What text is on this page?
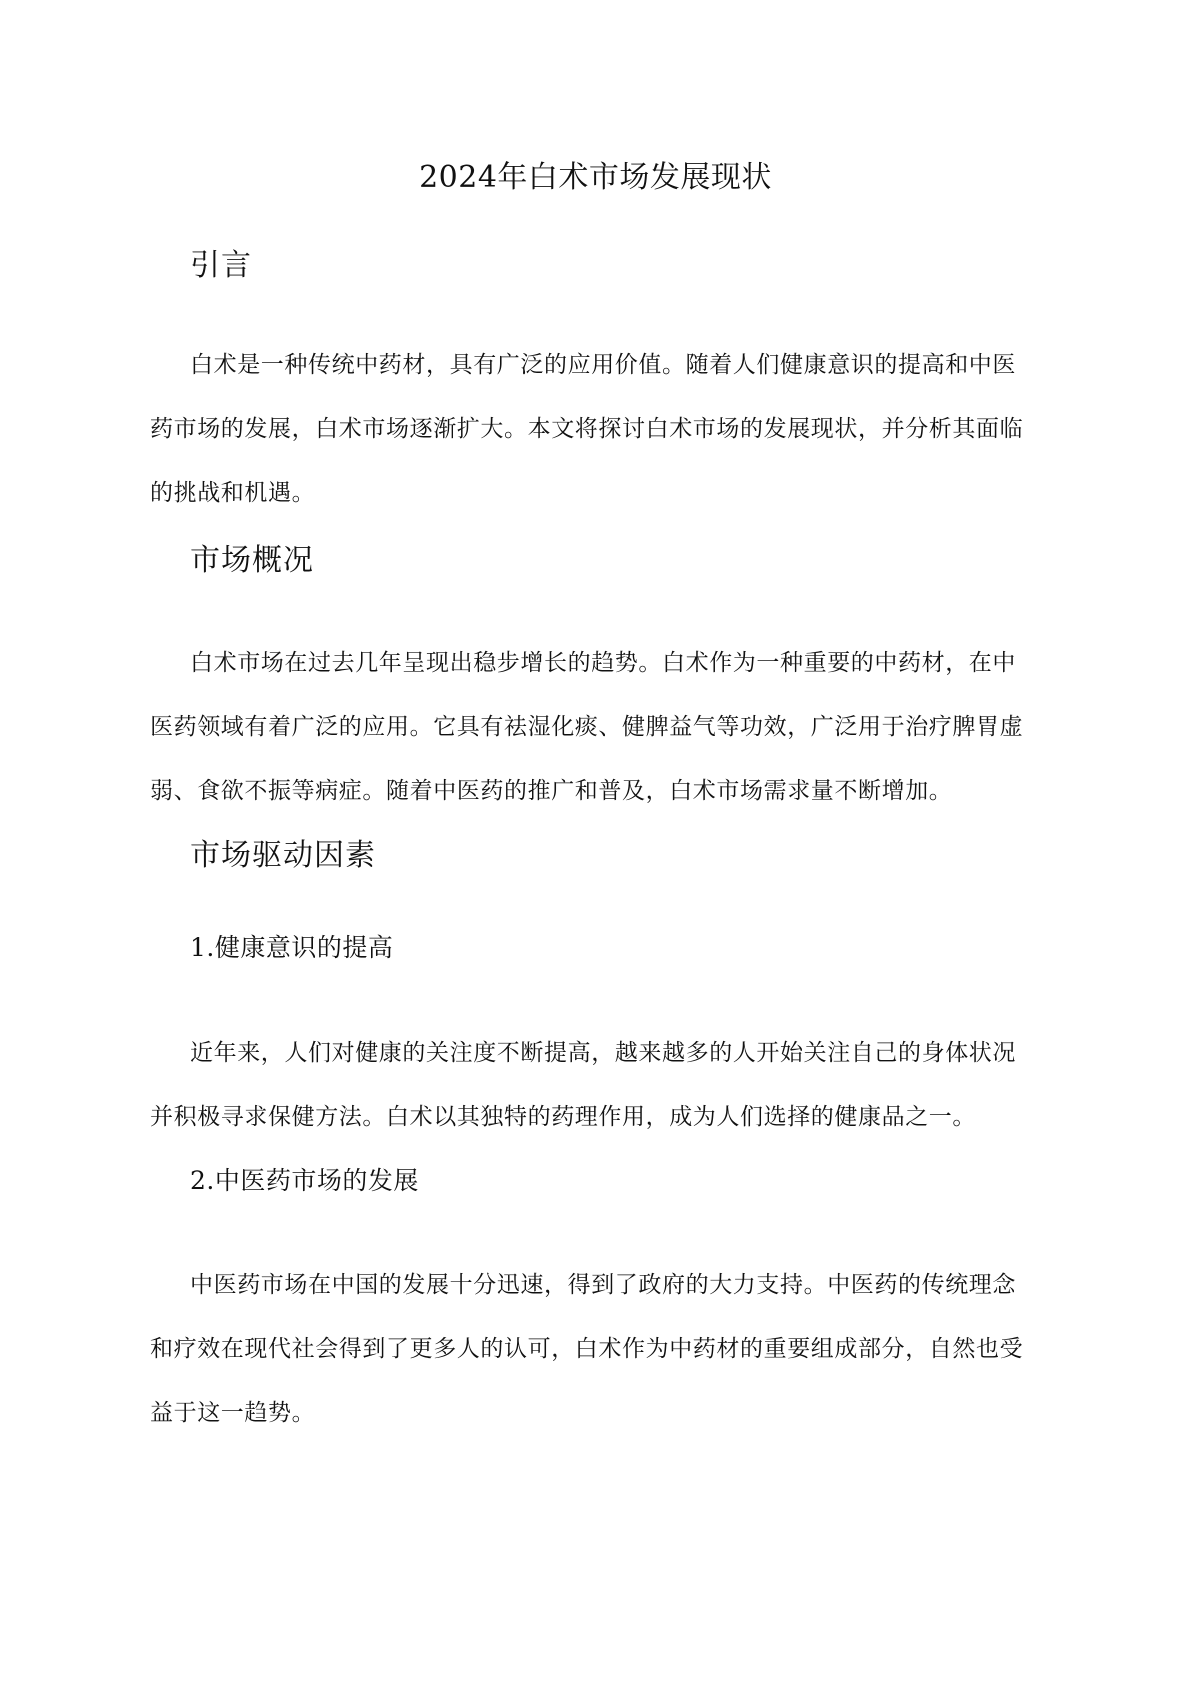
2024年白术市场发展现状
引言
白术是一种传统中药材，具有广泛的应用价值。随着人们健康意识的提高和中医
药市场的发展，白术市场逐渐扩大。本文将探讨白术市场的发展现状，并分析其面临
的挑战和机遇。
市场概况
白术市场在过去几年呈现出稳步增长的趋势。白术作为一种重要的中药材，在中
医药领域有着广泛的应用。它具有祛湿化痰、健脾益气等功效，广泛用于治疗脾胃虚
弱、食欲不振等病症。随着中医药的推广和普及，白术市场需求量不断增加。
市场驱动因素
1.健康意识的提高
近年来，人们对健康的关注度不断提高，越来越多的人开始关注自己的身体状况
并积极寻求保健方法。白术以其独特的药理作用，成为人们选择的健康品之一。
2.中医药市场的发展
中医药市场在中国的发展十分迅速，得到了政府的大力支持。中医药的传统理念
和疗效在现代社会得到了更多人的认可，白术作为中药材的重要组成部分，自然也受
益于这一趋势。
